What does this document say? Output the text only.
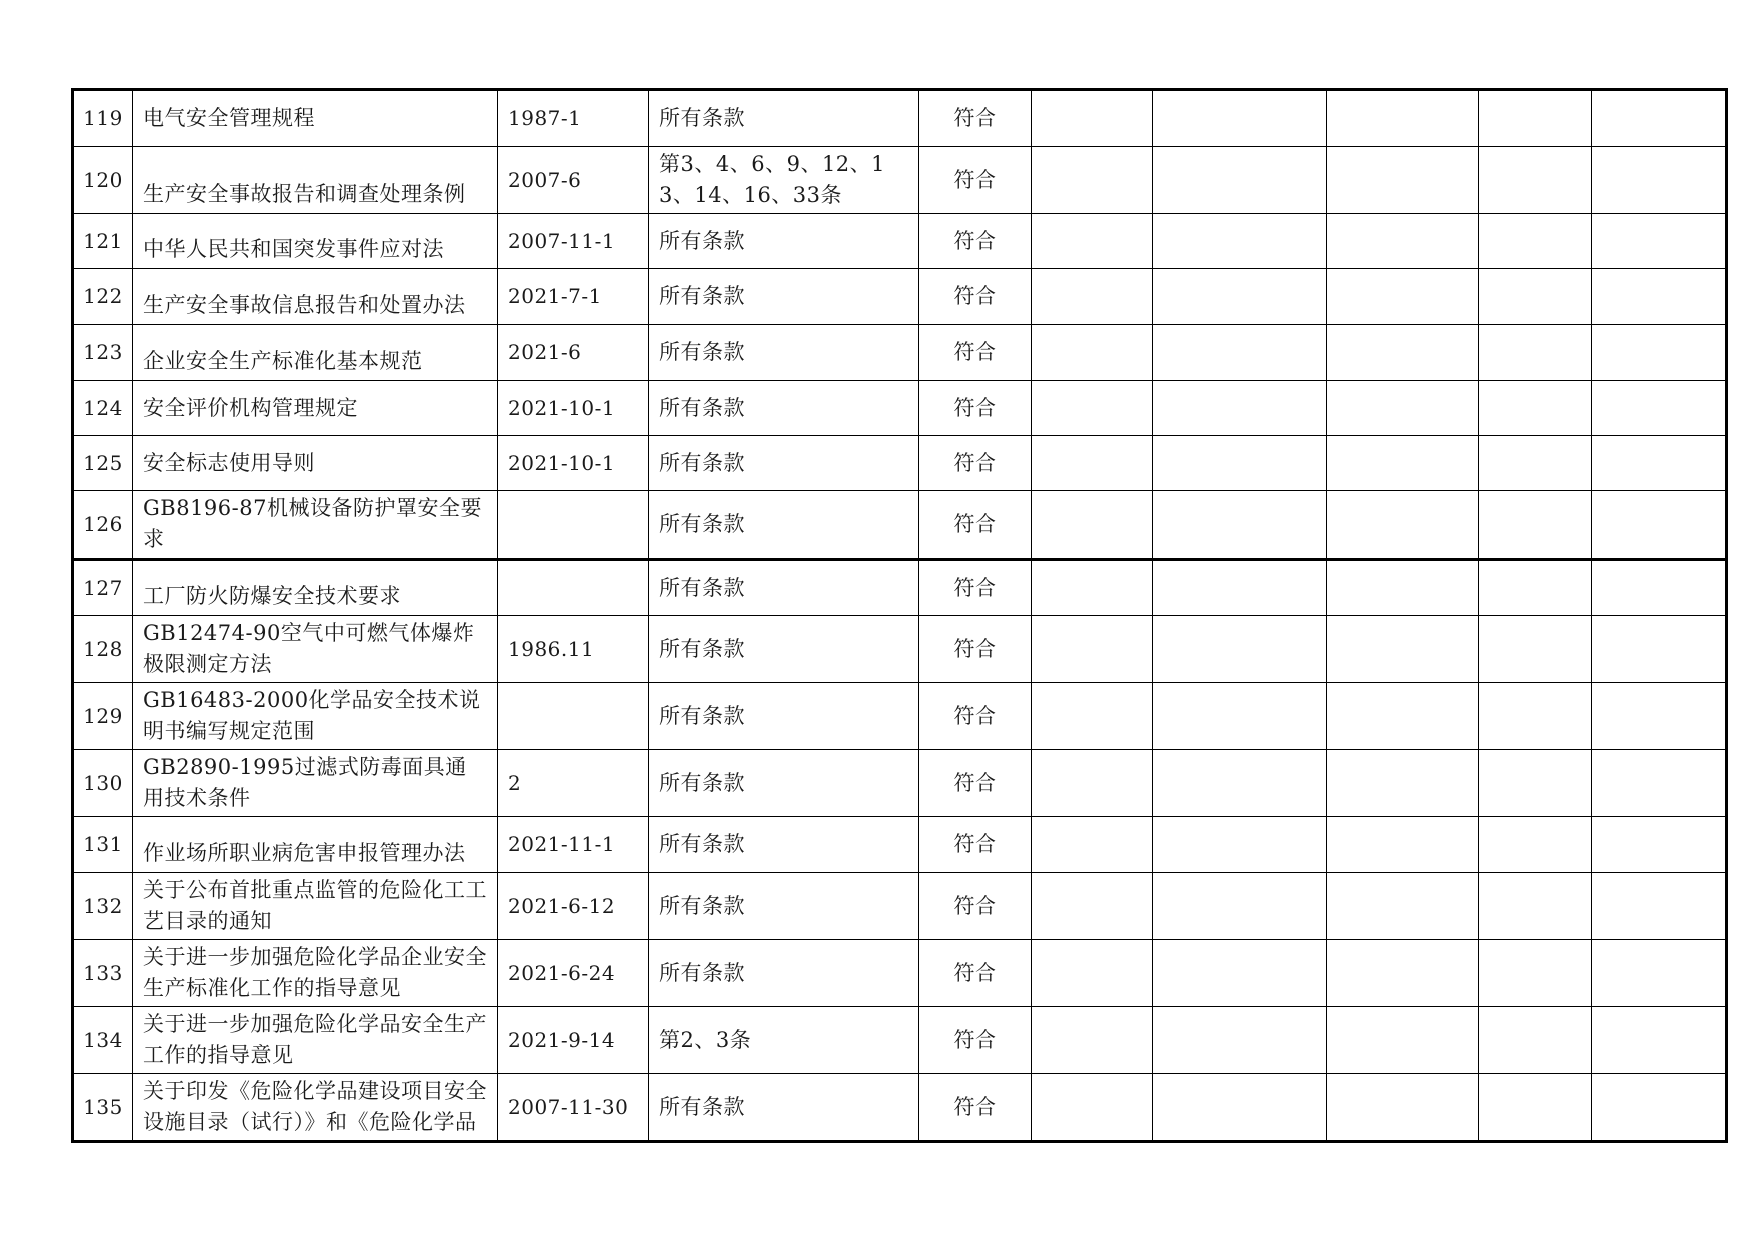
119	电气安全管理规程	1987-1	所有条款	符合					
120	生产安全事故报告和调查处理条例	2007-6	第3、4、6、9、12、13、14、16、33条	符合					
121	中华人民共和国突发事件应对法	2007-11-1	所有条款	符合					
122	生产安全事故信息报告和处置办法	2021-7-1	所有条款	符合					
123	企业安全生产标准化基本规范	2021-6	所有条款	符合					
124	安全评价机构管理规定	2021-10-1	所有条款	符合					
125	安全标志使用导则	2021-10-1	所有条款	符合					
126	GB8196-87机械设备防护罩安全要求		所有条款	符合					
127	工厂防火防爆安全技术要求		所有条款	符合					
128	GB12474-90空气中可燃气体爆炸极限测定方法	1986.11	所有条款	符合					
129	GB16483-2000化学品安全技术说明书编写规定范围		所有条款	符合					
130	GB2890-1995过滤式防毒面具通用技术条件	2	所有条款	符合					
131	作业场所职业病危害申报管理办法	2021-11-1	所有条款	符合					
132	关于公布首批重点监管的危险化工工艺目录的通知	2021-6-12	所有条款	符合					
133	关于进一步加强危险化学品企业安全生产标准化工作的指导意见	2021-6-24	所有条款	符合					
134	关于进一步加强危险化学品安全生产工作的指导意见	2021-9-14	第2、3条	符合					
135	关于印发《危险化学品建设项目安全设施目录（试行）》和《危险化学品	2007-11-30	所有条款	符合					
